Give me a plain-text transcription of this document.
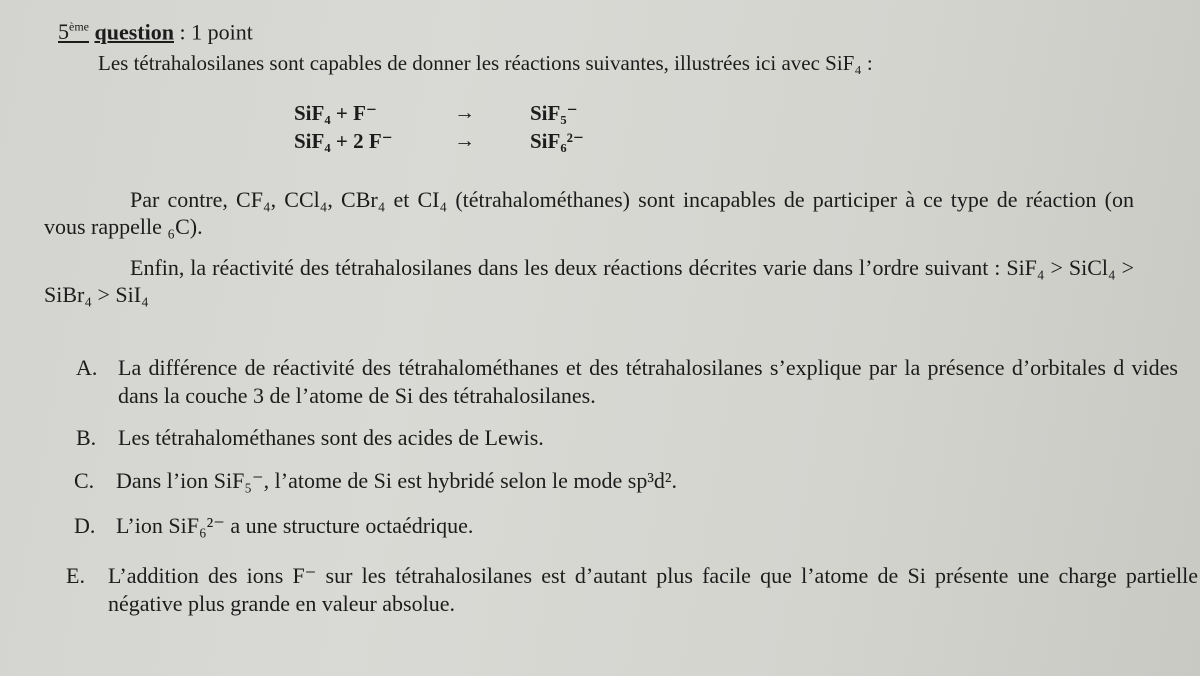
5ème question : 1 point
Les tétrahalosilanes sont capables de donner les réactions suivantes, illustrées ici avec SiF₄ :
SiF₄ + F⁻	→	SiF₅⁻
SiF₄ + 2 F⁻	→	SiF₆²⁻
Par contre, CF₄, CCl₄, CBr₄ et CI₄ (tétrahalométhanes) sont incapables de participer à ce type de réaction (on vous rappelle ₆C).
Enfin, la réactivité des tétrahalosilanes dans les deux réactions décrites varie dans l’ordre suivant : SiF₄ > SiCl₄ > SiBr₄ > SiI₄
A. La différence de réactivité des tétrahalométhanes et des tétrahalosilanes s’explique par la présence d’orbitales d vides dans la couche 3 de l’atome de Si des tétrahalosilanes.
B. Les tétrahalométhanes sont des acides de Lewis.
C. Dans l’ion SiF₅⁻, l’atome de Si est hybridé selon le mode sp³d².
D. L’ion SiF₆²⁻ a une structure octaédrique.
E. L’addition des ions F⁻ sur les tétrahalosilanes est d’autant plus facile que l’atome de Si présente une charge partielle négative plus grande en valeur absolue.
